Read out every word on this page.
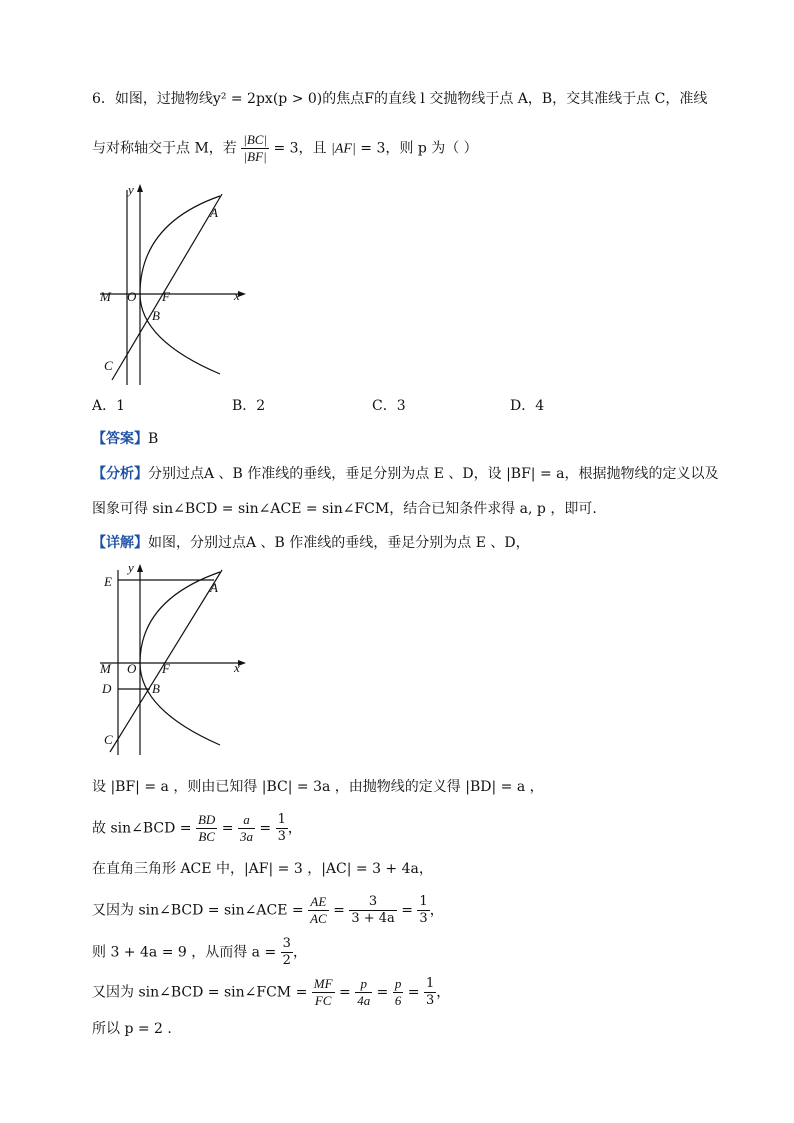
6．如图，过抛物线y² = 2px(p > 0)的焦点F的直线 l 交抛物线于点 A，B，交其准线于点 C，准线
与对称轴交于点 M，若 $\frac{|BC|}{|BF|} = 3$，且 |AF| = 3，则 p 为（ ）
y
x
A
M O F
B
C
A．1	B．2	C．3	D．4
【答案】B
【分析】分别过点A 、B 作准线的垂线，垂足分别为点 E 、D，设 |BF| = a，根据抛物线的定义以及
图象可得 sin∠BCD = sin∠ACE = sin∠FCM，结合已知条件求得 a, p ，即可.
【详解】如图，分别过点A 、B 作准线的垂线，垂足分别为点 E 、D，
y
x
E	A
M O F
D	B
C
设 |BF| = a ，则由已知得 |BC| = 3a ，由抛物线的定义得 |BD| = a ，
故 sin∠BCD = $\frac{BD}{BC} = \frac{a}{3a} = \frac{1}{3}$ ，
在直角三角形 ACE 中，|AF| = 3 ，|AC| = 3 + 4a，
又因为 sin∠BCD = sin∠ACE = $\frac{AE}{AC} = \frac{3}{3 + 4a} = \frac{1}{3}$ ，
则 3 + 4a = 9 ，从而得 $a = \frac{3}{2}$ ，
又因为 sin∠BCD = sin∠FCM = $\frac{MF}{FC} = \frac{p}{4a} = \frac{p}{6} = \frac{1}{3}$ ，
所以 p = 2 .
